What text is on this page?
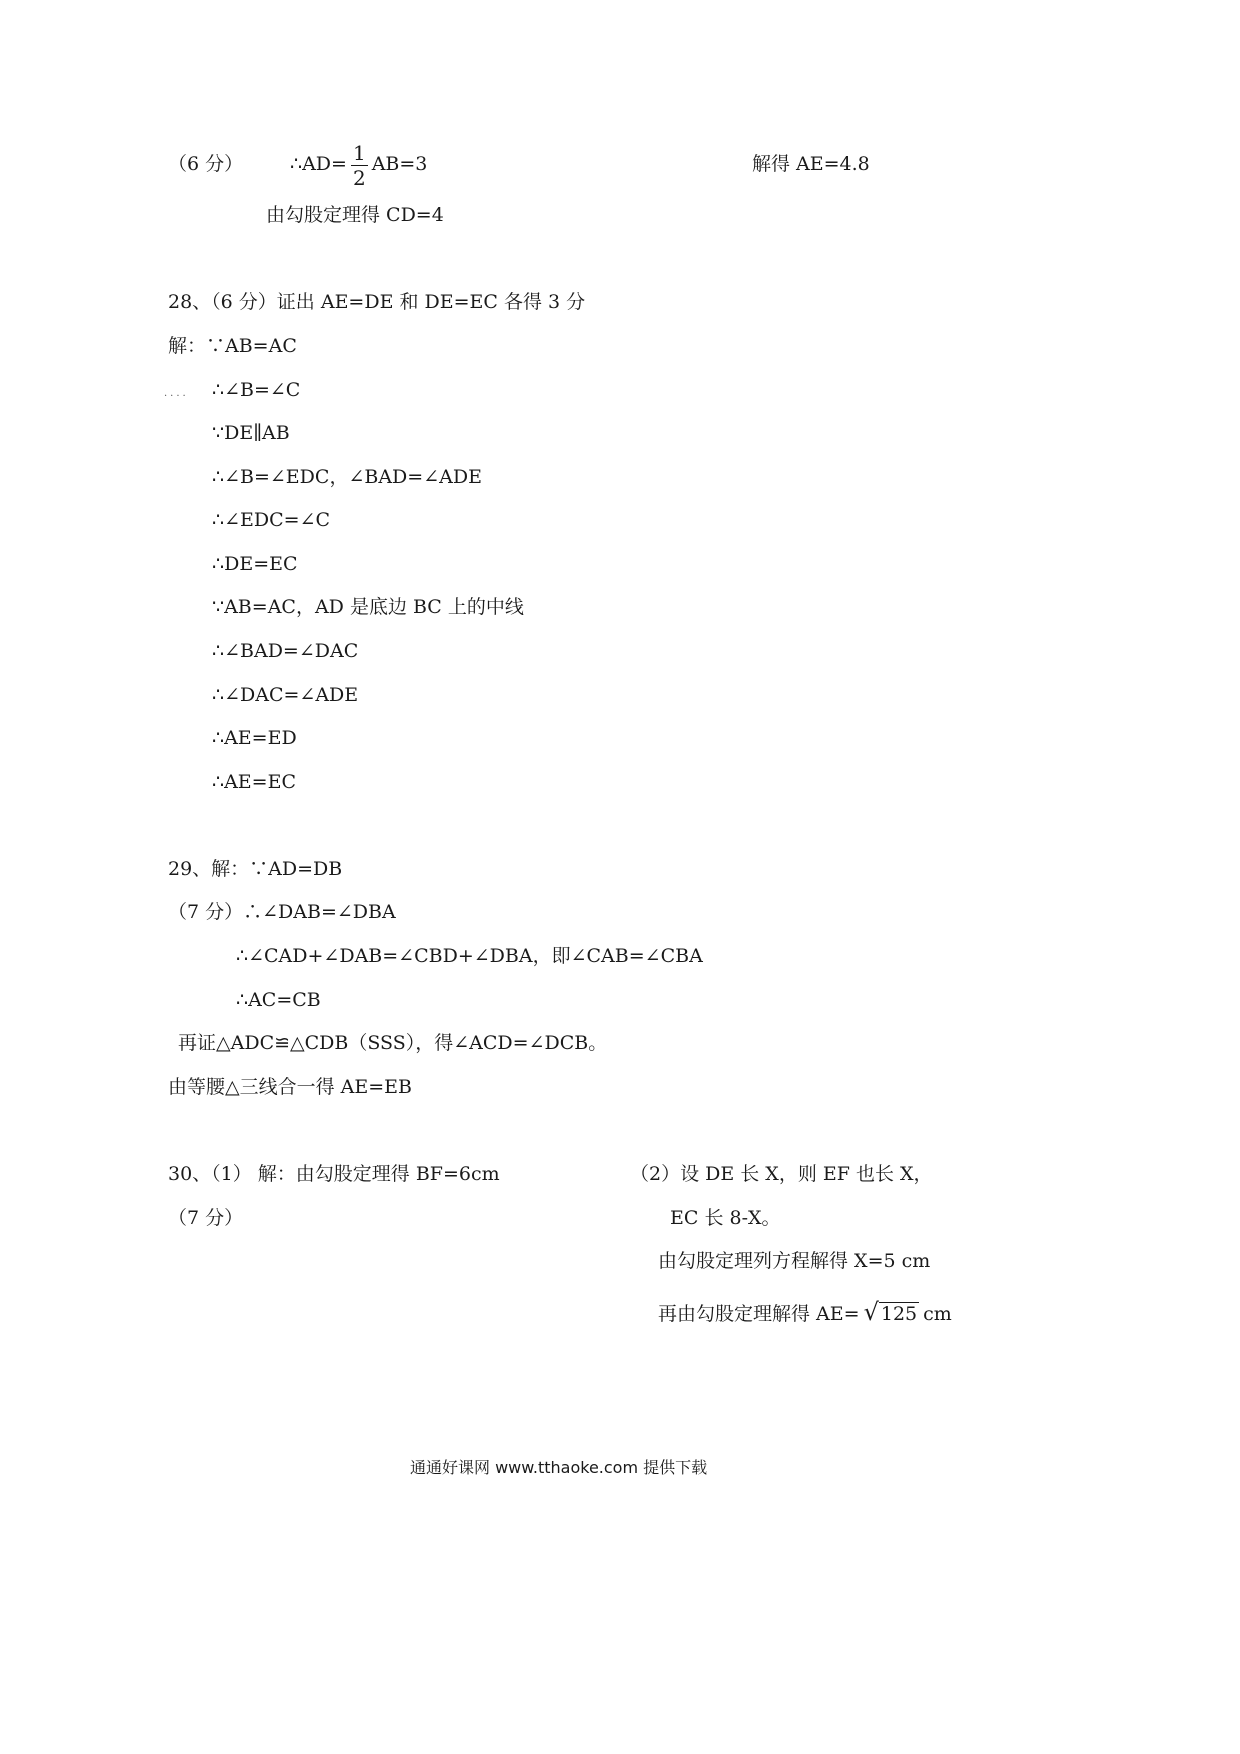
（6 分） ∴AD= $\frac{1}{2} AB=3$	解得 AE=4.8
由勾股定理得 CD=4
28、（6 分）证出 AE=DE 和 DE=EC 各得 3 分
解：∵AB=AC
.... ∴∠B=∠C
∵DE∥AB
∴∠B=∠EDC，∠BAD=∠ADE
∴∠EDC=∠C
∴DE=EC
∵AB=AC，AD 是底边 BC 上的中线
∴∠BAD=∠DAC
∴∠DAC=∠ADE
∴AE=ED
∴AE=EC
29、解：∵AD=DB
（7 分）∴∠DAB=∠DBA
∴∠CAD+∠DAB=∠CBD+∠DBA，即∠CAB=∠CBA
∴AC=CB
再证△ADC≌△CDB（SSS），得∠ACD=∠DCB。
由等腰△三线合一得 AE=EB
30、（1） 解：由勾股定理得 BF=6cm
（7 分）
（2）设 DE 长 X，则 EF 也长 X，
EC 长 8-X。
由勾股定理列方程解得 X=5 cm
再由勾股定理解得 AE= √ 125 cm
通通好课网 www.tthaoke.com 提供下载
